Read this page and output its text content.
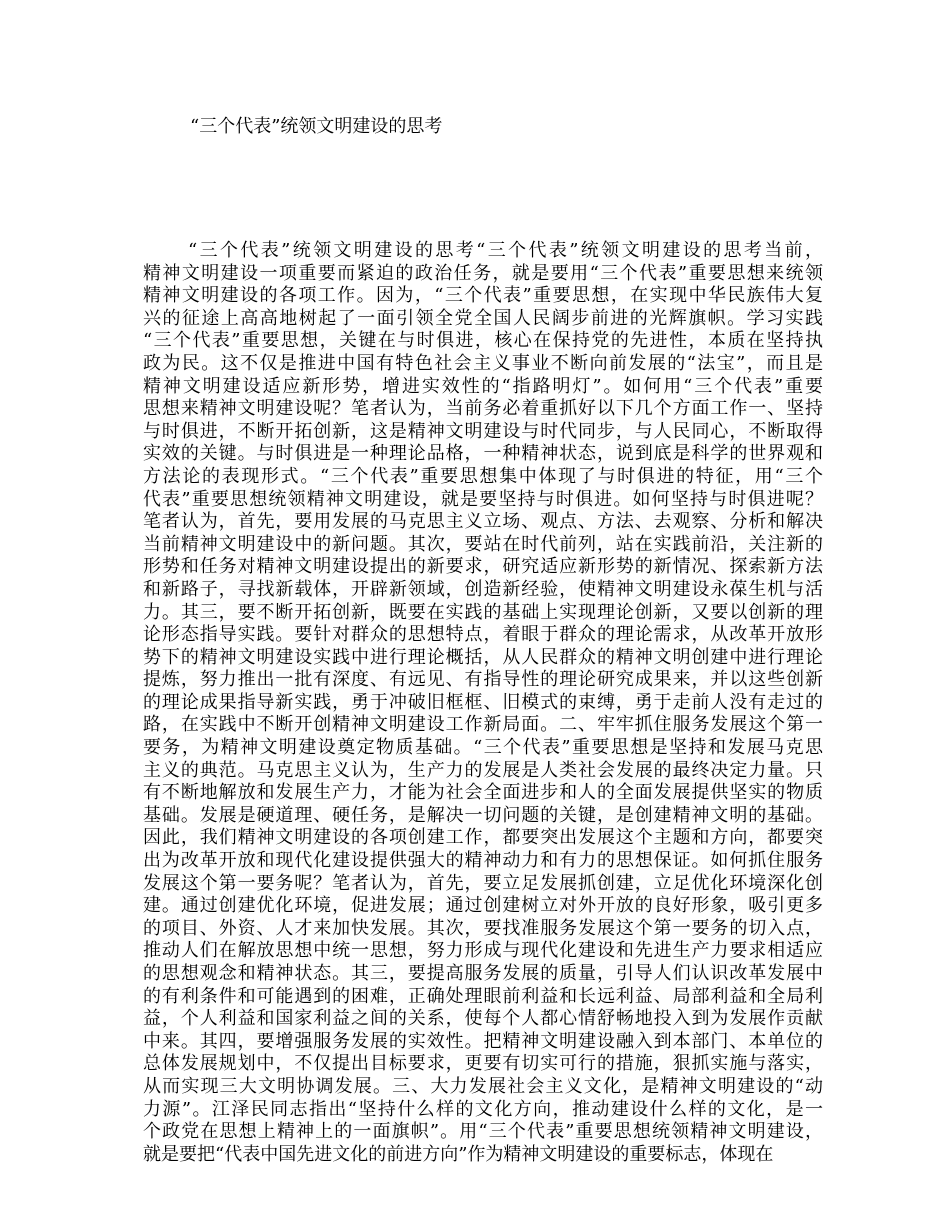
“三个代表”统领文明建设的思考
“三个代表”统领文明建设的思考“三个代表”统领文明建设的思考当前，
精神文明建设一项重要而紧迫的政治任务，就是要用“三个代表”重要思想来统领
精神文明建设的各项工作。因为，“三个代表”重要思想，在实现中华民族伟大复
兴的征途上高高地树起了一面引领全党全国人民阔步前进的光辉旗帜。学习实践
“三个代表”重要思想，关键在与时俱进，核心在保持党的先进性，本质在坚持执
政为民。这不仅是推进中国有特色社会主义事业不断向前发展的“法宝”，而且是
精神文明建设适应新形势，增进实效性的“指路明灯”。如何用“三个代表”重要
思想来精神文明建设呢？笔者认为，当前务必着重抓好以下几个方面工作一、坚持
与时俱进，不断开拓创新，这是精神文明建设与时代同步，与人民同心，不断取得
实效的关键。与时俱进是一种理论品格，一种精神状态，说到底是科学的世界观和
方法论的表现形式。“三个代表”重要思想集中体现了与时俱进的特征，用“三个
代表”重要思想统领精神文明建设，就是要坚持与时俱进。如何坚持与时俱进呢？
笔者认为，首先，要用发展的马克思主义立场、观点、方法、去观察、分析和解决
当前精神文明建设中的新问题。其次，要站在时代前列，站在实践前沿，关注新的
形势和任务对精神文明建设提出的新要求，研究适应新形势的新情况、探索新方法
和新路子，寻找新载体，开辟新领域，创造新经验，使精神文明建设永葆生机与活
力。其三，要不断开拓创新，既要在实践的基础上实现理论创新，又要以创新的理
论形态指导实践。要针对群众的思想特点，着眼于群众的理论需求，从改革开放形
势下的精神文明建设实践中进行理论概括，从人民群众的精神文明创建中进行理论
提炼，努力推出一批有深度、有远见、有指导性的理论研究成果来，并以这些创新
的理论成果指导新实践，勇于冲破旧框框、旧模式的束缚，勇于走前人没有走过的
路，在实践中不断开创精神文明建设工作新局面。二、牢牢抓住服务发展这个第一
要务，为精神文明建设奠定物质基础。“三个代表”重要思想是坚持和发展马克思
主义的典范。马克思主义认为，生产力的发展是人类社会发展的最终决定力量。只
有不断地解放和发展生产力，才能为社会全面进步和人的全面发展提供坚实的物质
基础。发展是硬道理、硬任务，是解决一切问题的关键，是创建精神文明的基础。
因此，我们精神文明建设的各项创建工作，都要突出发展这个主题和方向，都要突
出为改革开放和现代化建设提供强大的精神动力和有力的思想保证。如何抓住服务
发展这个第一要务呢？笔者认为，首先，要立足发展抓创建，立足优化环境深化创
建。通过创建优化环境，促进发展；通过创建树立对外开放的良好形象，吸引更多
的项目、外资、人才来加快发展。其次，要找准服务发展这个第一要务的切入点，
推动人们在解放思想中统一思想，努力形成与现代化建设和先进生产力要求相适应
的思想观念和精神状态。其三，要提高服务发展的质量，引导人们认识改革发展中
的有利条件和可能遇到的困难，正确处理眼前利益和长远利益、局部利益和全局利
益，个人利益和国家利益之间的关系，使每个人都心情舒畅地投入到为发展作贡献
中来。其四，要增强服务发展的实效性。把精神文明建设融入到本部门、本单位的
总体发展规划中，不仅提出目标要求，更要有切实可行的措施，狠抓实施与落实，
从而实现三大文明协调发展。三、大力发展社会主义文化，是精神文明建设的“动
力源”。江泽民同志指出“坚持什么样的文化方向，推动建设什么样的文化，是一
个政党在思想上精神上的一面旗帜”。用“三个代表”重要思想统领精神文明建设，
就是要把“代表中国先进文化的前进方向”作为精神文明建设的重要标志，体现在
